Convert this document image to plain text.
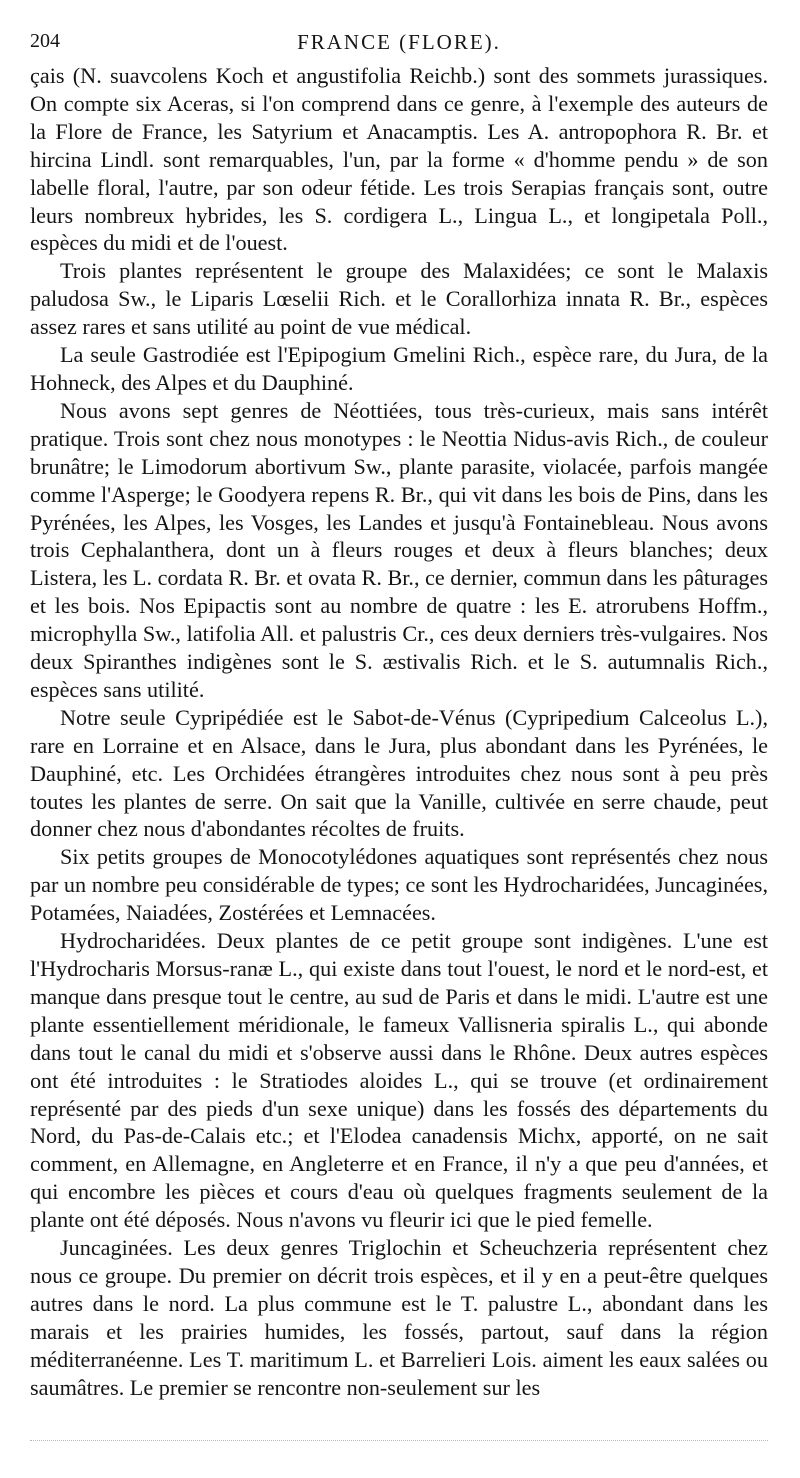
204	FRANCE (FLORE).

çais (N. suavcolens Koch et angustifolia Reichb.) sont des sommets jurassiques. On compte six Aceras, si l'on comprend dans ce genre, à l'exemple des auteurs de la Flore de France, les Satyrium et Anacamptis. Les A. antropophora R. Br. et hircina Lindl. sont remarquables, l'un, par la forme « d'homme pendu » de son labelle floral, l'autre, par son odeur fétide. Les trois Serapias français sont, outre leurs nombreux hybrides, les S. cordigera L., Lingua L., et longipetala Poll., espèces du midi et de l'ouest.

Trois plantes représentent le groupe des Malaxidées; ce sont le Malaxis paludosa Sw., le Liparis Lœselii Rich. et le Corallorhiza innata R. Br., espèces assez rares et sans utilité au point de vue médical.

La seule Gastrodiée est l'Epipogium Gmelini Rich., espèce rare, du Jura, de la Hohneck, des Alpes et du Dauphiné.

Nous avons sept genres de Néottiées, tous très-curieux, mais sans intérêt pratique. Trois sont chez nous monotypes : le Neottia Nidus-avis Rich., de couleur brunâtre; le Limodorum abortivum Sw., plante parasite, violacée, parfois mangée comme l'Asperge; le Goodyera repens R. Br., qui vit dans les bois de Pins, dans les Pyrénées, les Alpes, les Vosges, les Landes et jusqu'à Fontainebleau. Nous avons trois Cephalanthera, dont un à fleurs rouges et deux à fleurs blanches; deux Listera, les L. cordata R. Br. et ovata R. Br., ce dernier, commun dans les pâturages et les bois. Nos Epipactis sont au nombre de quatre : les E. atrorubens Hoffm., microphylla Sw., latifolia All. et palustris Cr., ces deux derniers très-vulgaires. Nos deux Spiranthes indigènes sont le S. æstivalis Rich. et le S. autumnalis Rich., espèces sans utilité.

Notre seule Cypripédiée est le Sabot-de-Vénus (Cypripedium Calceolus L.), rare en Lorraine et en Alsace, dans le Jura, plus abondant dans les Pyrénées, le Dauphiné, etc. Les Orchidées étrangères introduites chez nous sont à peu près toutes les plantes de serre. On sait que la Vanille, cultivée en serre chaude, peut donner chez nous d'abondantes récoltes de fruits.

Six petits groupes de Monocotylédones aquatiques sont représentés chez nous par un nombre peu considérable de types; ce sont les Hydrocharidées, Juncaginées, Potamées, Naiadées, Zostérées et Lemnacées.

Hydrocharidées. Deux plantes de ce petit groupe sont indigènes. L'une est l'Hydrocharis Morsus-ranæ L., qui existe dans tout l'ouest, le nord et le nord-est, et manque dans presque tout le centre, au sud de Paris et dans le midi. L'autre est une plante essentiellement méridionale, le fameux Vallisneria spiralis L., qui abonde dans tout le canal du midi et s'observe aussi dans le Rhône. Deux autres espèces ont été introduites : le Stratiodes aloides L., qui se trouve (et ordinairement représenté par des pieds d'un sexe unique) dans les fossés des départements du Nord, du Pas-de-Calais etc.; et l'Elodea canadensis Michx, apporté, on ne sait comment, en Allemagne, en Angleterre et en France, il n'y a que peu d'années, et qui encombre les pièces et cours d'eau où quelques fragments seulement de la plante ont été déposés. Nous n'avons vu fleurir ici que le pied femelle.

Juncaginées. Les deux genres Triglochin et Scheuchzeria représentent chez nous ce groupe. Du premier on décrit trois espèces, et il y en a peut-être quelques autres dans le nord. La plus commune est le T. palustre L., abondant dans les marais et les prairies humides, les fossés, partout, sauf dans la région méditerranéenne. Les T. maritimum L. et Barrelieri Lois. aiment les eaux salées ou saumâtres. Le premier se rencontre non-seulement sur les
